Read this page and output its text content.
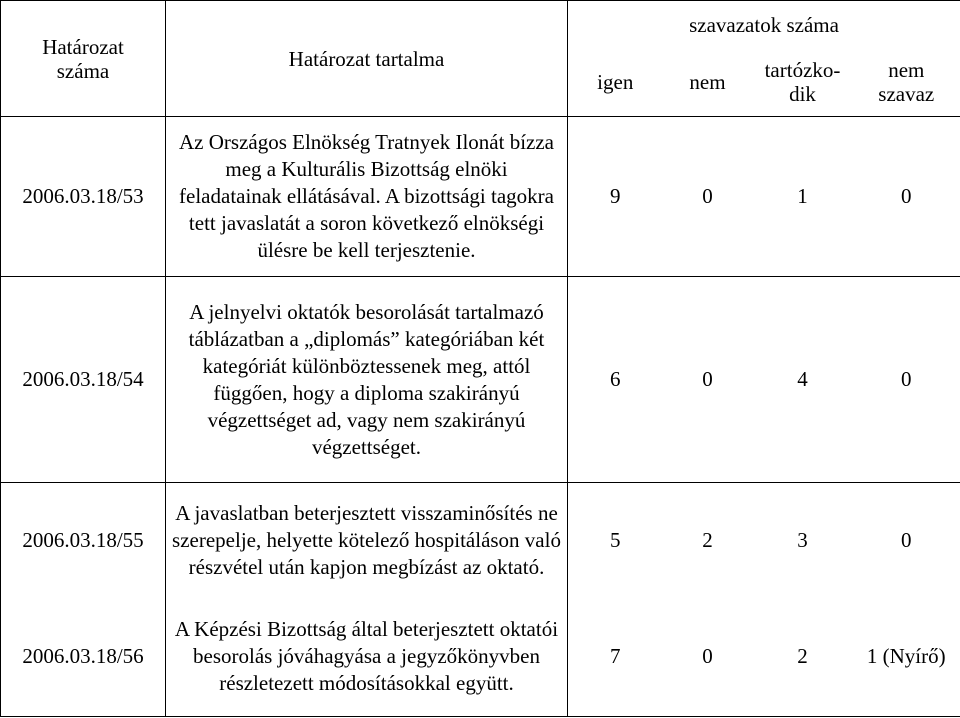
Határozat száma	Határozat tartalma	szavazatok száma			
		igen	nem	tartózko-dik	nem szavaz

2006.03.18/53	Az Országos Elnökség Tratnyek Ilonát bízza meg a Kulturális Bizottság elnöki feladatainak ellátásával. A bizottsági tagokra tett javaslatát a soron következő elnökségi ülésre be kell terjesztenie.	9	0	1	0
2006.03.18/54	A jelnyelvi oktatók besorolását tartalmazó táblázatban a „diplomás” kategóriában két kategóriát különböztessenek meg, attól függően, hogy a diploma szakirányú végzettséget ad, vagy nem szakirányú végzettséget.	6	0	4	0
2006.03.18/55	A javaslatban beterjesztett visszaminősítés ne szerepelje, helyette kötelező hospitáláson való részvétel után kapjon megbízást az oktató.	5	2	3	0
2006.03.18/56	A Képzési Bizottság által beterjesztett oktatói besorolás jóváhagyása a jegyzőkönyvben részletezett módosításokkal együtt.	7	0	2	1 (Nyírő)
